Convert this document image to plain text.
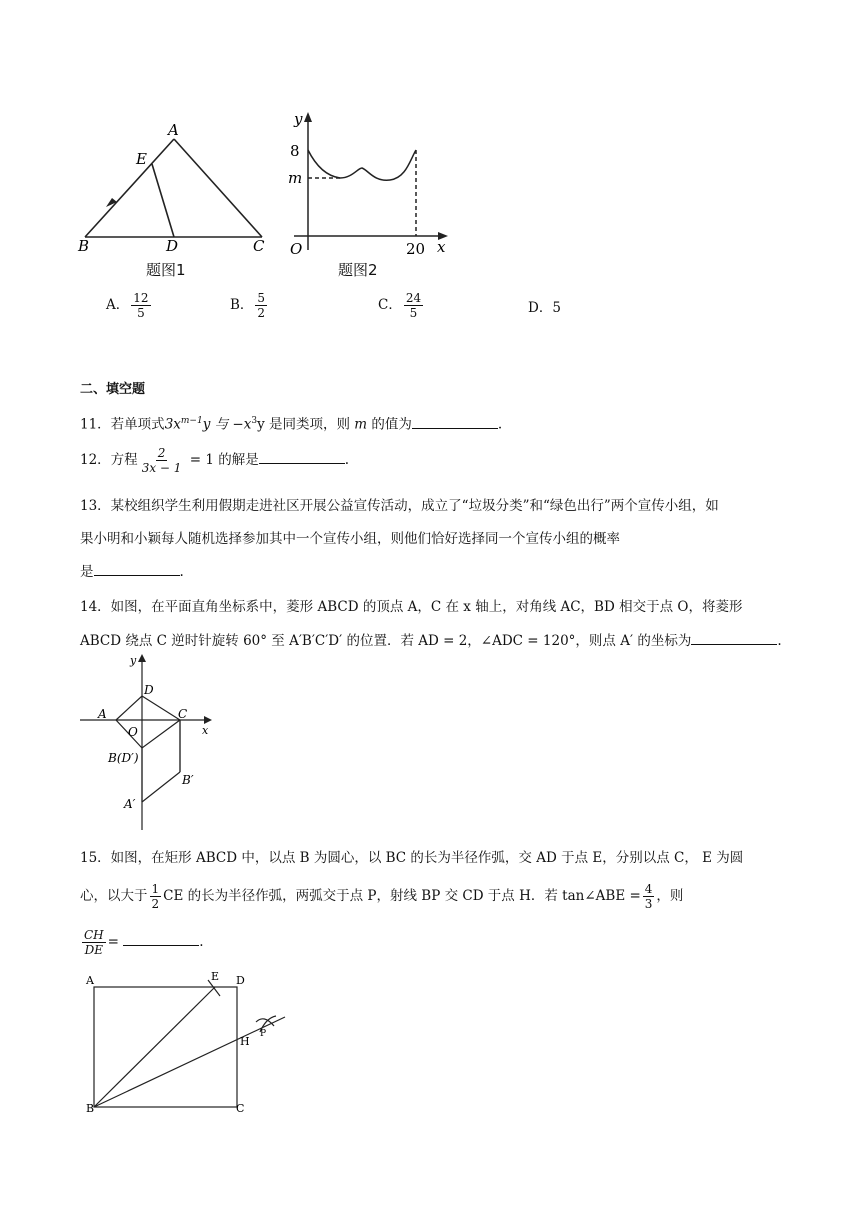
A
E
B	D	C
题图1
y
x
O
8
m
20
题图2
A． $\frac{12}{5}$	B． $\frac{5}{2}$	C． $\frac{24}{5}$	D．5
二、填空题
11．若单项式$3x^{m-1}y$ 与 $-x^3y$ 是同类项，则 m 的值为	.
12．方程 $\frac{2}{3x - 1} = 1$ 的解是	.
13．某校组织学生利用假期走进社区开展公益宣传活动，成立了“垃圾分类”和“绿色出行”两个宣传小组，如
果小明和小颖每人随机选择参加其中一个宣传小组，则他们恰好选择同一个宣传小组的概率
是	.
14．如图，在平面直角坐标系中，菱形 ABCD 的顶点 A，C 在 x 轴上，对角线 AC，BD 相交于点 O，将菱形
ABCD 绕点 C 逆时针旋转 60° 至 A′B′C′D′ 的位置．若 AD = 2，∠ADC = 120°，则点 A′ 的坐标为	.
y
x
A
D
C
O
B(D′)
B′
A′
15．如图，在矩形 ABCD 中，以点 B 为圆心，以 BC 的长为半径作弧，交 AD 于点 E，分别以点 C， E 为圆
心，以大于 $\frac{1}{2}$ CE 的长为半径作弧，两弧交于点 P，射线 BP 交 CD 于点 H．若 tan∠ABE = $\frac{4}{3}$ ，则
$\frac{CH}{DE}$ =	.
A	D
E
H
P
B	C
